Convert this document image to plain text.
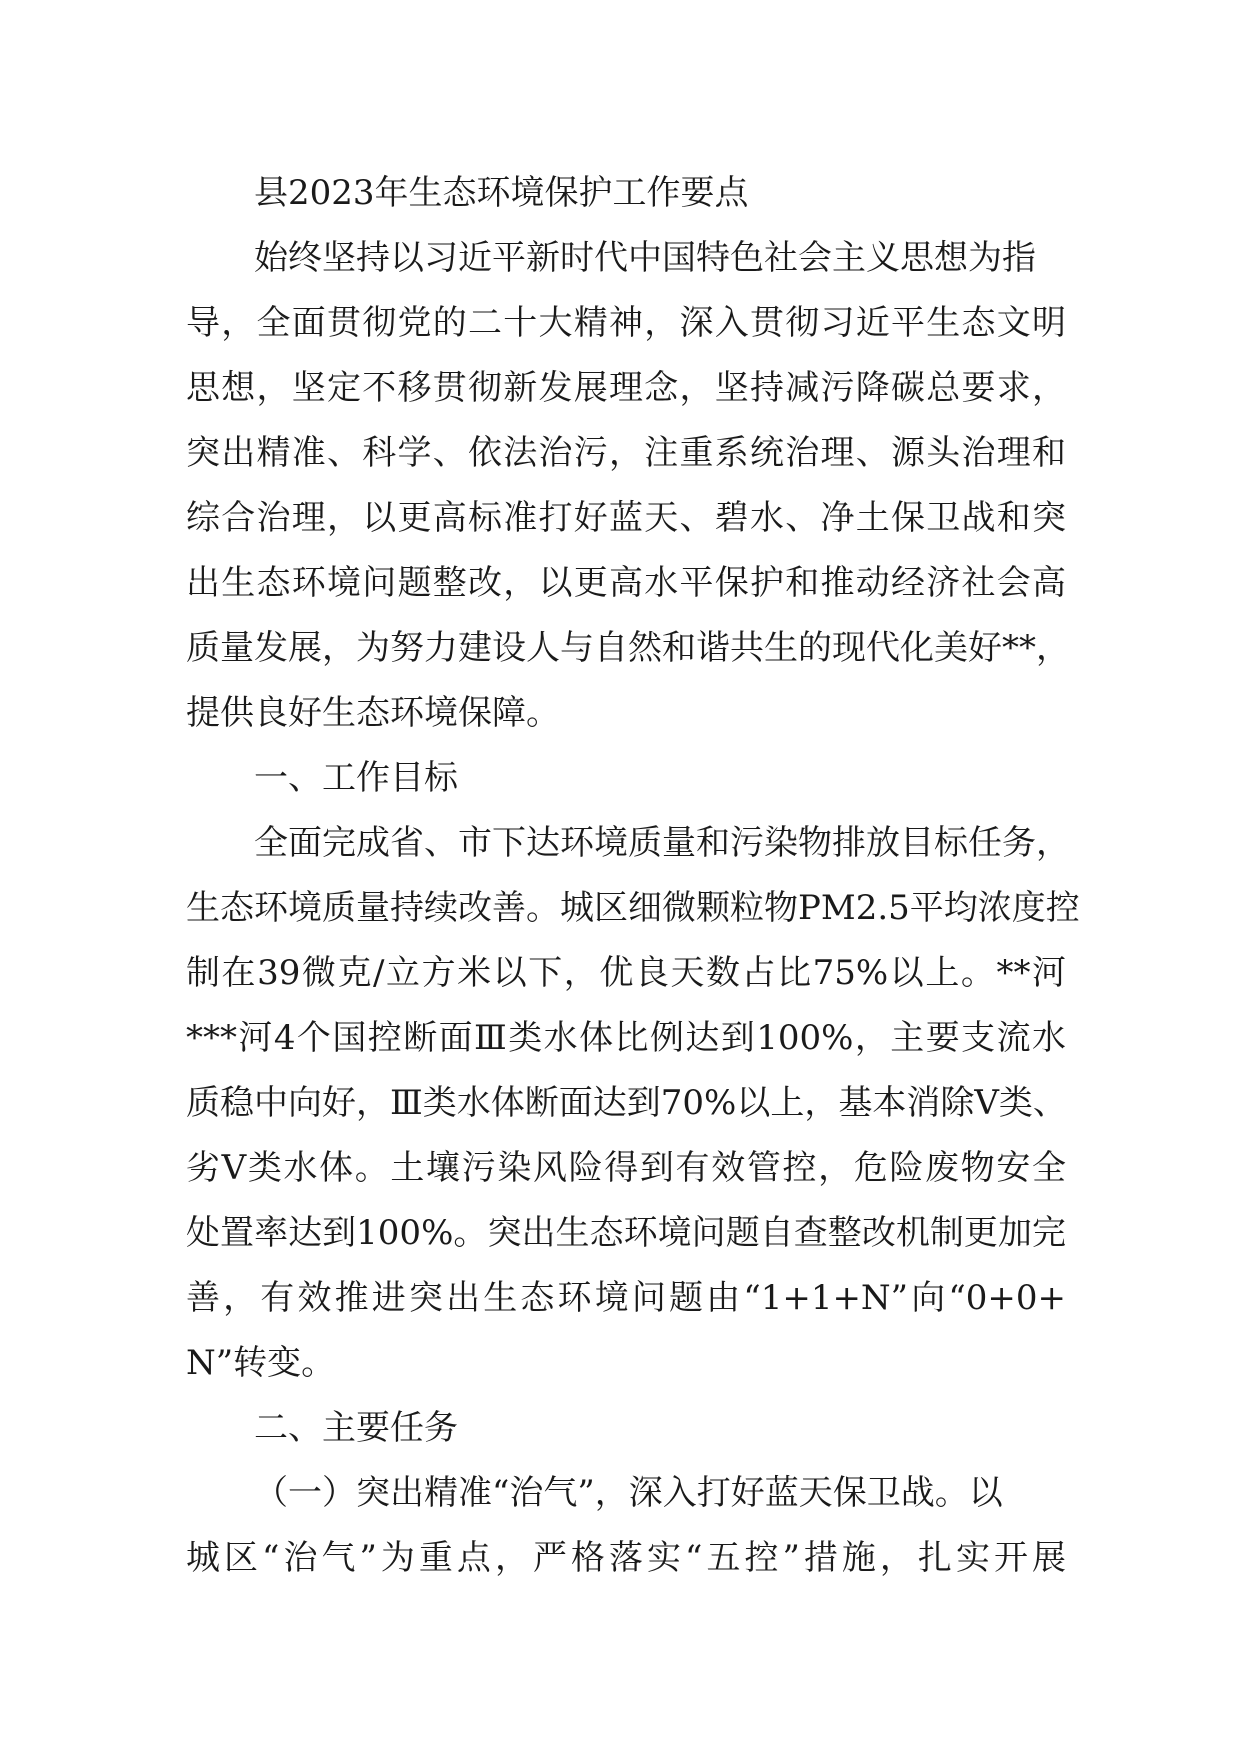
县2023年生态环境保护工作要点
始终坚持以习近平新时代中国特色社会主义思想为指
导，全面贯彻党的二十大精神，深入贯彻习近平生态文明
思想，坚定不移贯彻新发展理念，坚持减污降碳总要求，
突出精准、科学、依法治污，注重系统治理、源头治理和
综合治理，以更高标准打好蓝天、碧水、净土保卫战和突
出生态环境问题整改，以更高水平保护和推动经济社会高
质量发展，为努力建设人与自然和谐共生的现代化美好**，
提供良好生态环境保障。
一、工作目标
全面完成省、市下达环境质量和污染物排放目标任务，
生态环境质量持续改善。城区细微颗粒物PM2.5平均浓度控
制在39微克/立方米以下，优良天数占比75%以上。**河
***河4个国控断面Ⅲ类水体比例达到100%，主要支流水
质稳中向好，Ⅲ类水体断面达到70%以上，基本消除Ⅴ类、
劣Ⅴ类水体。土壤污染风险得到有效管控，危险废物安全
处置率达到100%。突出生态环境问题自查整改机制更加完
善，有效推进突出生态环境问题由“1+1+N”向“0+0+
N”转变。
二、主要任务
（一）突出精准“治气”，深入打好蓝天保卫战。以
城区“治气”为重点，严格落实“五控”措施，扎实开展
